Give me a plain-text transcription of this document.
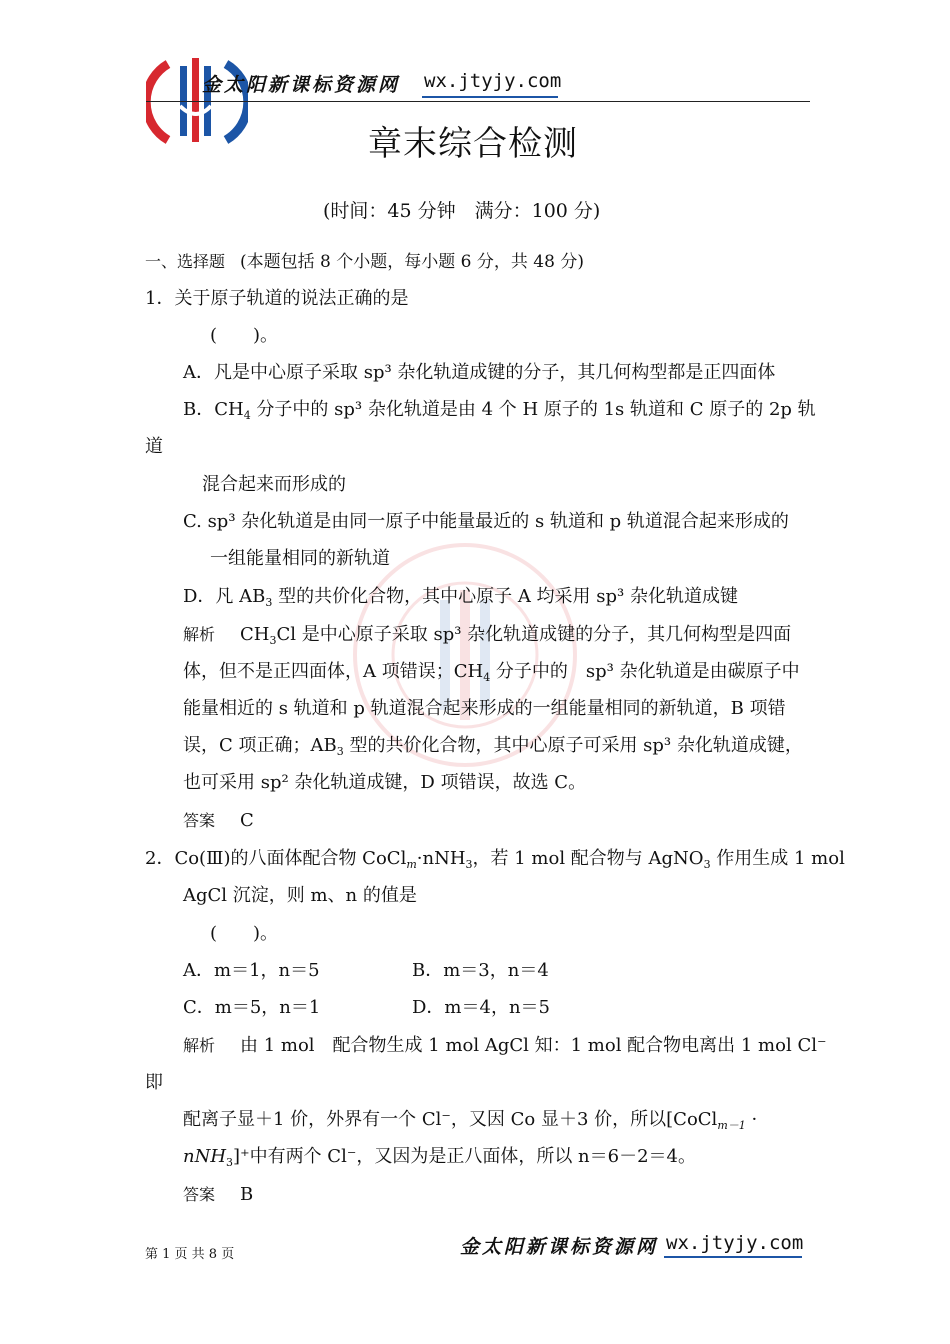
金太阳新课标资源网 wx.jtyjy.com
章末综合检测
(时间：45 分钟　满分：100 分)
一、选择题 (本题包括 8 个小题，每小题 6 分，共 48 分)
1．关于原子轨道的说法正确的是
(　　)。
A．凡是中心原子采取 sp³ 杂化轨道成键的分子，其几何构型都是正四面体
B．$CH_4$ 分子中的 sp³ 杂化轨道是由 4 个 H 原子的 1s 轨道和 C 原子的 2p 轨
道
混合起来而形成的
C. sp³ 杂化轨道是由同一原子中能量最近的 s 轨道和 p 轨道混合起来形成的
一组能量相同的新轨道
D．凡 $AB_3$ 型的共价化合物，其中心原子 A 均采用 sp³ 杂化轨道成键
解析 $CH_3Cl$ 是中心原子采取 sp³ 杂化轨道成键的分子，其几何构型是四面
体，但不是正四面体，A 项错误；$CH_4$ 分子中的　sp³ 杂化轨道是由碳原子中
能量相近的 s 轨道和 p 轨道混合起来形成的一组能量相同的新轨道，B 项错
误，C 项正确；$AB_3$ 型的共价化合物，其中心原子可采用 sp³ 杂化轨道成键，
也可采用 sp² 杂化轨道成键，D 项错误，故选 C。
答案 C
2．Co(Ⅲ)的八面体配合物 CoCl$_m$·nNH$_3$，若 1 mol 配合物与 AgNO$_3$ 作用生成 1 mol
AgCl 沉淀，则 m、n 的值是
(　　)。
A．m＝1，n＝5	B．m＝3，n＝4
C．m＝5，n＝1	D．m＝4，n＝5
解析 由 1 mol　配合物生成 1 mol AgCl 知：1 mol 配合物电离出 1 mol Cl⁻
即
配离子显＋1 价，外界有一个 Cl⁻，又因 Co 显＋3 价，所以[CoCl$_{m-1}$ ·
nNH$_3$]⁺中有两个 Cl⁻，又因为是正八面体，所以 n＝6－2＝4。
答案 B
第 1 页 共 8 页	金太阳新课标资源网 wx.jtyjy.com
